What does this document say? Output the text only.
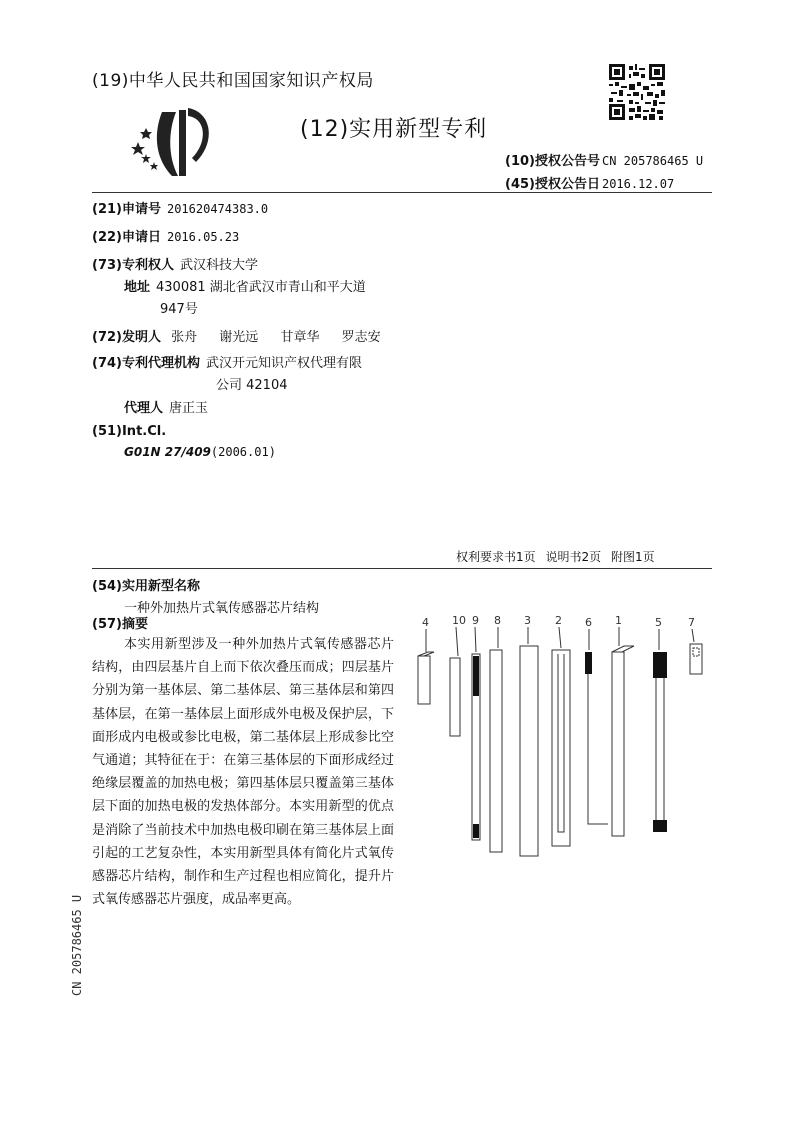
(19)中华人民共和国国家知识产权局
(12)实用新型专利
(10)授权公告号 CN 205786465 U
(45)授权公告日 2016.12.07
(21)申请号 201620474383.0
(22)申请日 2016.05.23
(73)专利权人 武汉科技大学
地址 430081 湖北省武汉市青山和平大道
947号
(72)发明人 张舟 谢光远 甘章华 罗志安
(74)专利代理机构 武汉开元知识产权代理有限
公司 42104
代理人 唐正玉
(51)Int.Cl.
G01N 27/409(2006.01)
权利要求书1页 说明书2页 附图1页
(54)实用新型名称
一种外加热片式氧传感器芯片结构
(57)摘要
本实用新型涉及一种外加热片式氧传感器芯片结构，由四层基片自上而下依次叠压而成；四层基片分别为第一基体层、第二基体层、第三基体层和第四基体层，在第一基体层上面形成外电极及保护层，下面形成内电极或参比电极，第二基体层上形成参比空气通道；其特征在于：在第三基体层的下面形成经过绝缘层覆盖的加热电极；第四基体层只覆盖第三基体层下面的加热电极的发热体部分。本实用新型的优点是消除了当前技术中加热电极印刷在第三基体层上面引起的工艺复杂性，本实用新型具体有简化片式氧传感器芯片结构，制作和生产过程也相应简化，提升片式氧传感器芯片强度，成品率更高。
CN 205786465 U
4 10 9 8 3 2 6 1	5 7
